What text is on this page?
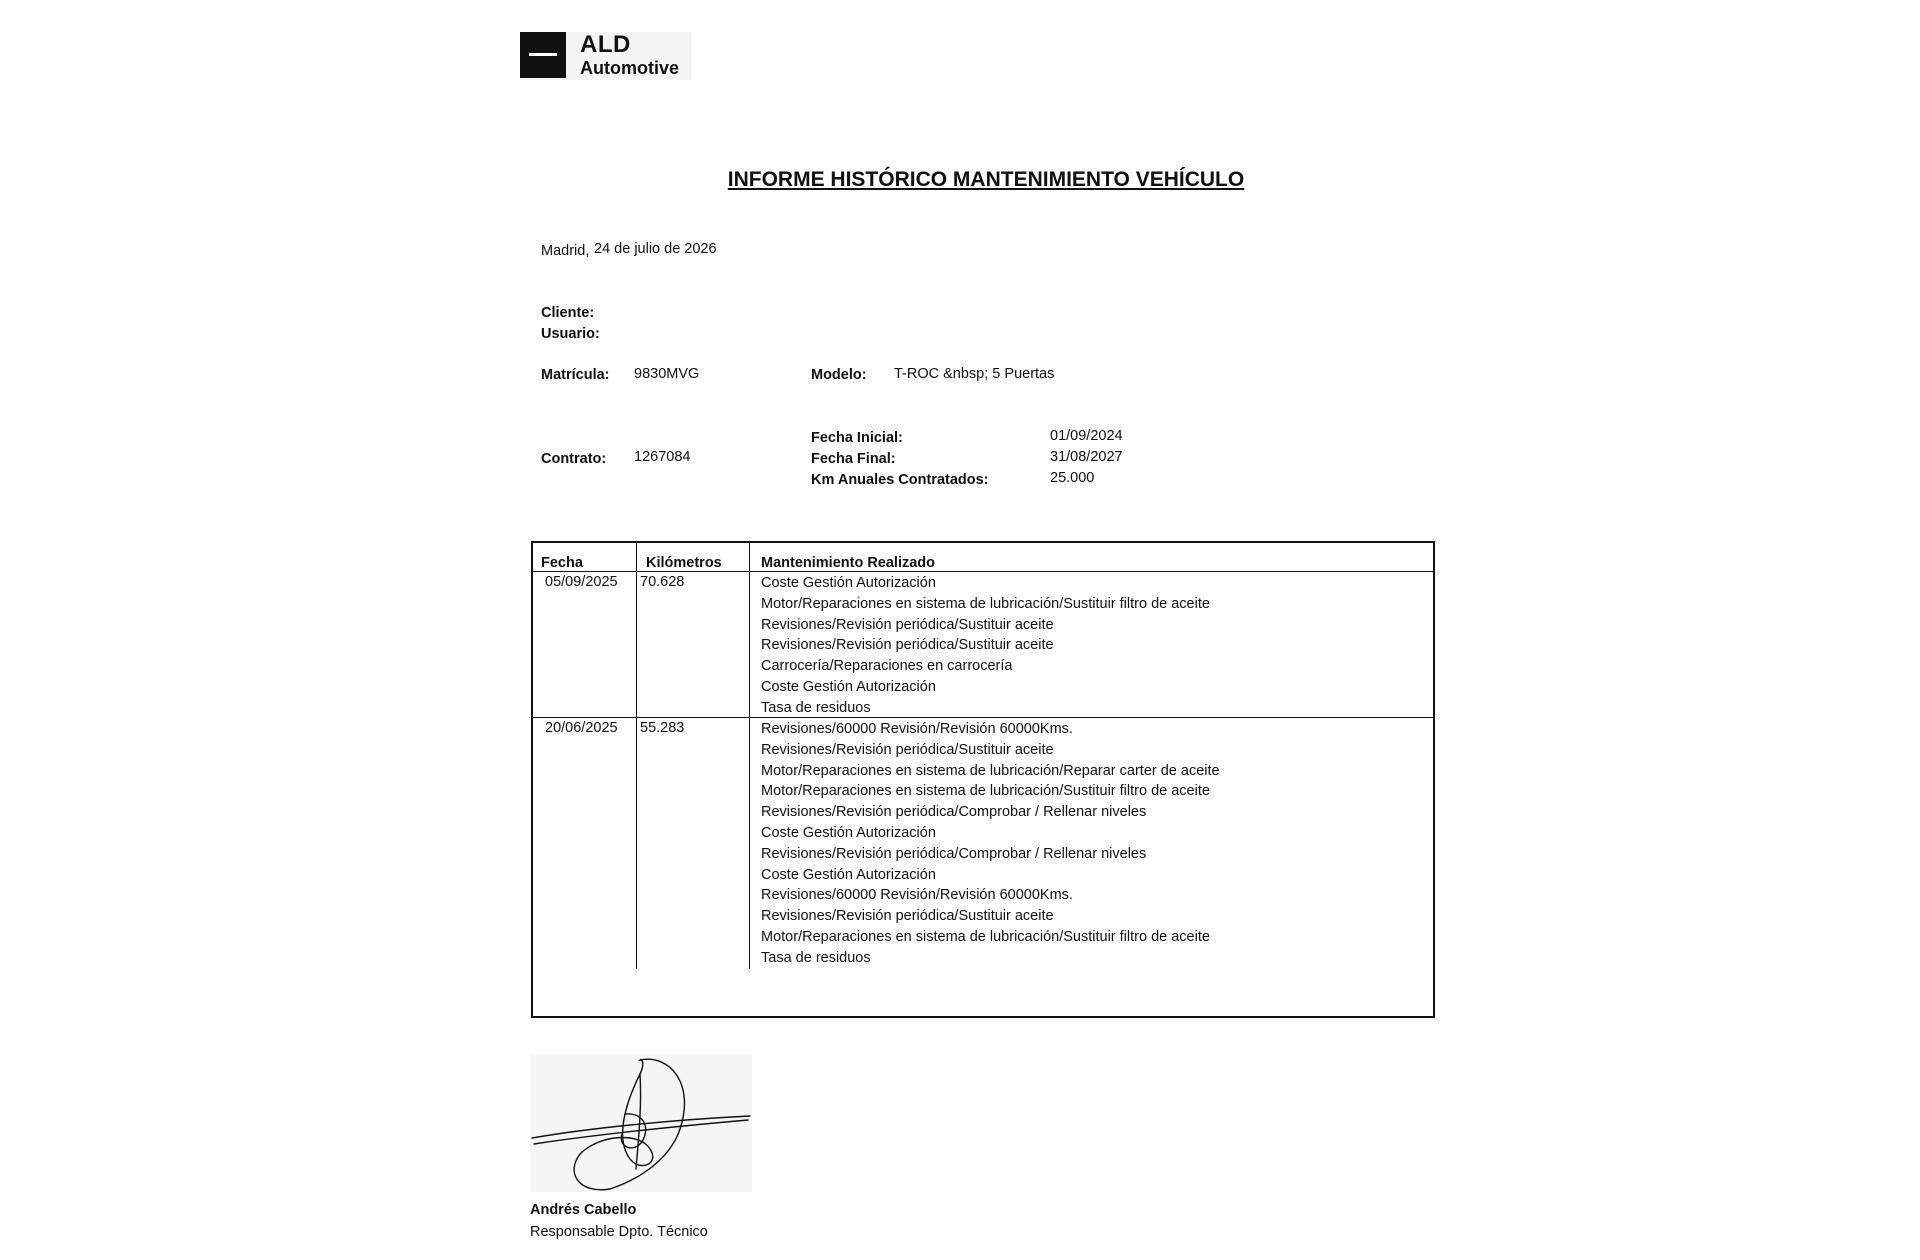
ALD
Automotive
INFORME HISTÓRICO MANTENIMIENTO VEHÍCULO
Madrid, 24 de julio de 2026
Cliente:
Usuario:
Matrícula: 9830MVG	Modelo: T-ROC &nbsp; 5 Puertas
Contrato: 1267084
Fecha Inicial:	01/09/2024
Fecha Final:	31/08/2027
Km Anuales Contratados:	25.000
Fecha	Kilómetros	Mantenimiento Realizado
05/09/2025 70.628	Coste Gestión Autorización
Motor/Reparaciones en sistema de lubricación/Sustituir filtro de aceite
Revisiones/Revisión periódica/Sustituir aceite
Revisiones/Revisión periódica/Sustituir aceite
Carrocería/Reparaciones en carrocería
Coste Gestión Autorización
Tasa de residuos
20/06/2025 55.283	Revisiones/60000 Revisión/Revisión 60000Kms.
Revisiones/Revisión periódica/Sustituir aceite
Motor/Reparaciones en sistema de lubricación/Reparar carter de aceite
Motor/Reparaciones en sistema de lubricación/Sustituir filtro de aceite
Revisiones/Revisión periódica/Comprobar / Rellenar niveles
Coste Gestión Autorización
Revisiones/Revisión periódica/Comprobar / Rellenar niveles
Coste Gestión Autorización
Revisiones/60000 Revisión/Revisión 60000Kms.
Revisiones/Revisión periódica/Sustituir aceite
Motor/Reparaciones en sistema de lubricación/Sustituir filtro de aceite
Tasa de residuos
Andrés Cabello
Responsable Dpto. Técnico
